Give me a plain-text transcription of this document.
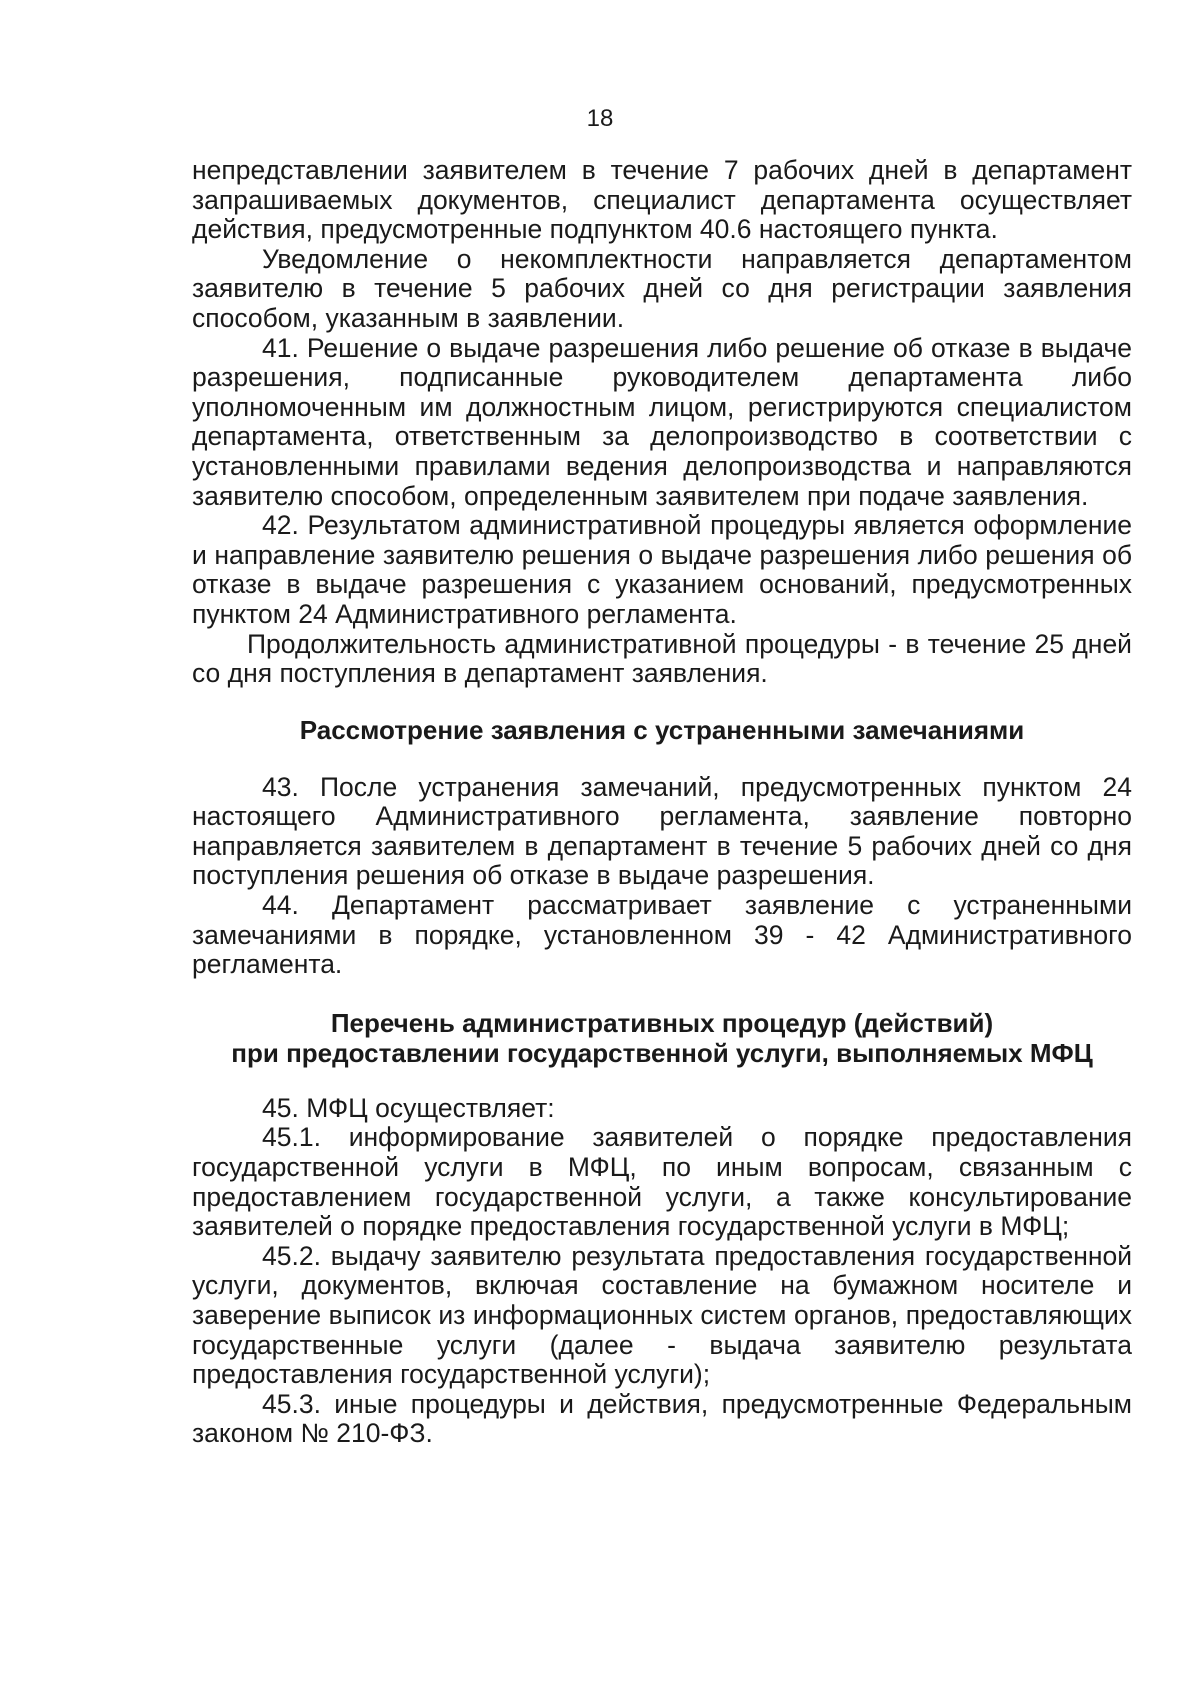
18

непредставлении заявителем в течение 7 рабочих дней в департамент запрашиваемых документов, специалист департамента осуществляет действия, предусмотренные подпунктом 40.6 настоящего пункта.

Уведомление о некомплектности направляется департаментом заявителю в течение 5 рабочих дней со дня регистрации заявления способом, указанным в заявлении.

41. Решение о выдаче разрешения либо решение об отказе в выдаче разрешения, подписанные руководителем департамента либо уполномоченным им должностным лицом, регистрируются специалистом департамента, ответственным за делопроизводство в соответствии с установленными правилами ведения делопроизводства и направляются заявителю способом, определенным заявителем при подаче заявления.

42. Результатом административной процедуры является оформление и направление заявителю решения о выдаче разрешения либо решения об отказе в выдаче разрешения с указанием оснований, предусмотренных пунктом 24 Административного регламента.

Продолжительность административной процедуры - в течение 25 дней со дня поступления в департамент заявления.

Рассмотрение заявления с устраненными замечаниями

43. После устранения замечаний, предусмотренных пунктом 24 настоящего Административного регламента, заявление повторно направляется заявителем в департамент в течение 5 рабочих дней со дня поступления решения об отказе в выдаче разрешения.

44. Департамент рассматривает заявление с устраненными замечаниями в порядке, установленном 39 - 42 Административного регламента.

Перечень административных процедур (действий)

при предоставлении государственной услуги, выполняемых МФЦ

45. МФЦ осуществляет:

45.1. информирование заявителей о порядке предоставления государственной услуги в МФЦ, по иным вопросам, связанным с предоставлением государственной услуги, а также консультирование заявителей о порядке предоставления государственной услуги в МФЦ;

45.2. выдачу заявителю результата предоставления государственной услуги, документов, включая составление на бумажном носителе и заверение выписок из информационных систем органов, предоставляющих государственные услуги (далее - выдача заявителю результата предоставления государственной услуги);

45.3. иные процедуры и действия, предусмотренные Федеральным законом № 210-ФЗ.
